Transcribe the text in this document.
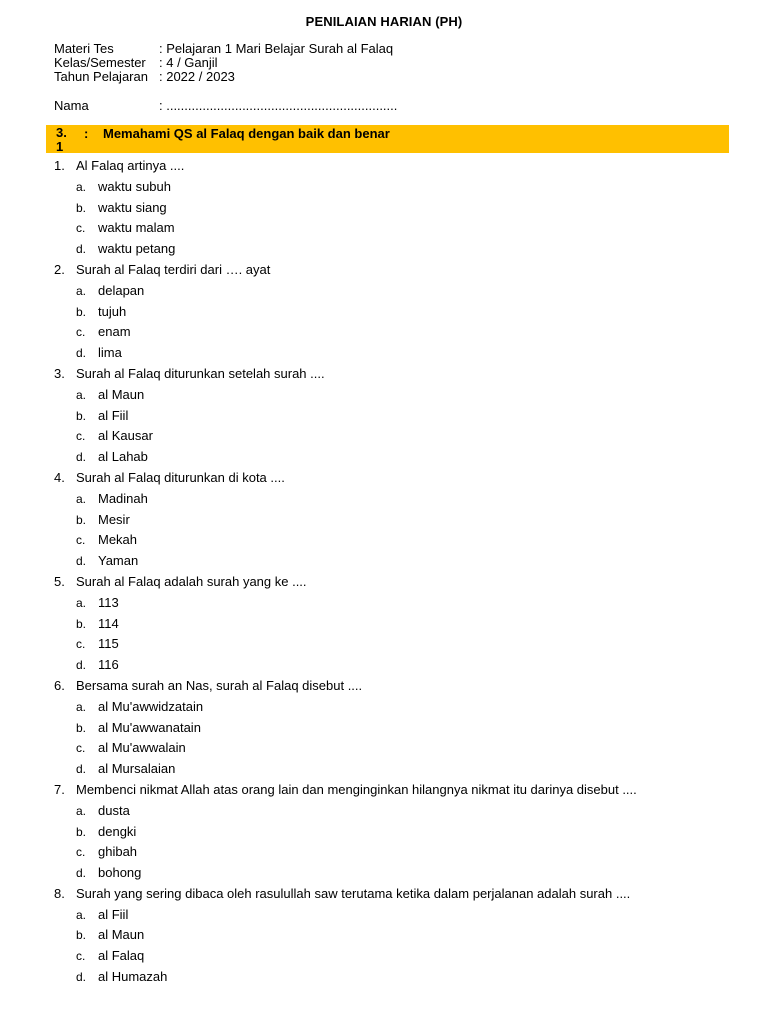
PENILAIAN HARIAN (PH)
Materi Tes	: Pelajaran 1 Mari Belajar Surah al Falaq
Kelas/Semester	: 4 / Ganjil
Tahun Pelajaran : 2022 / 2023
Nama	: ................................................................
3. 1
: Memahami QS al Falaq dengan baik dan benar
1. Al Falaq artinya ....
a. waktu subuh
b. waktu siang
c. waktu malam
d. waktu petang
2. Surah al Falaq terdiri dari …. ayat
a. delapan
b. tujuh
c. enam
d. lima
3. Surah al Falaq diturunkan setelah surah ....
a. al Maun
b. al Fiil
c. al Kausar
d. al Lahab
4. Surah al Falaq diturunkan di kota ....
a. Madinah
b. Mesir
c. Mekah
d. Yaman
5. Surah al Falaq adalah surah yang ke ....
a. 113
b. 114
c. 115
d. 116
6. Bersama surah an Nas, surah al Falaq disebut ....
a. al Mu'awwidzatain
b. al Mu'awwanatain
c. al Mu'awwalain
d. al Mursalaian
7. Membenci nikmat Allah atas orang lain dan menginginkan hilangnya nikmat itu darinya disebut ....
a. dusta
b. dengki
c. ghibah
d. bohong
8. Surah yang sering dibaca oleh rasulullah saw terutama ketika dalam perjalanan adalah surah ....
a. al Fiil
b. al Maun
c. al Falaq
d. al Humazah
